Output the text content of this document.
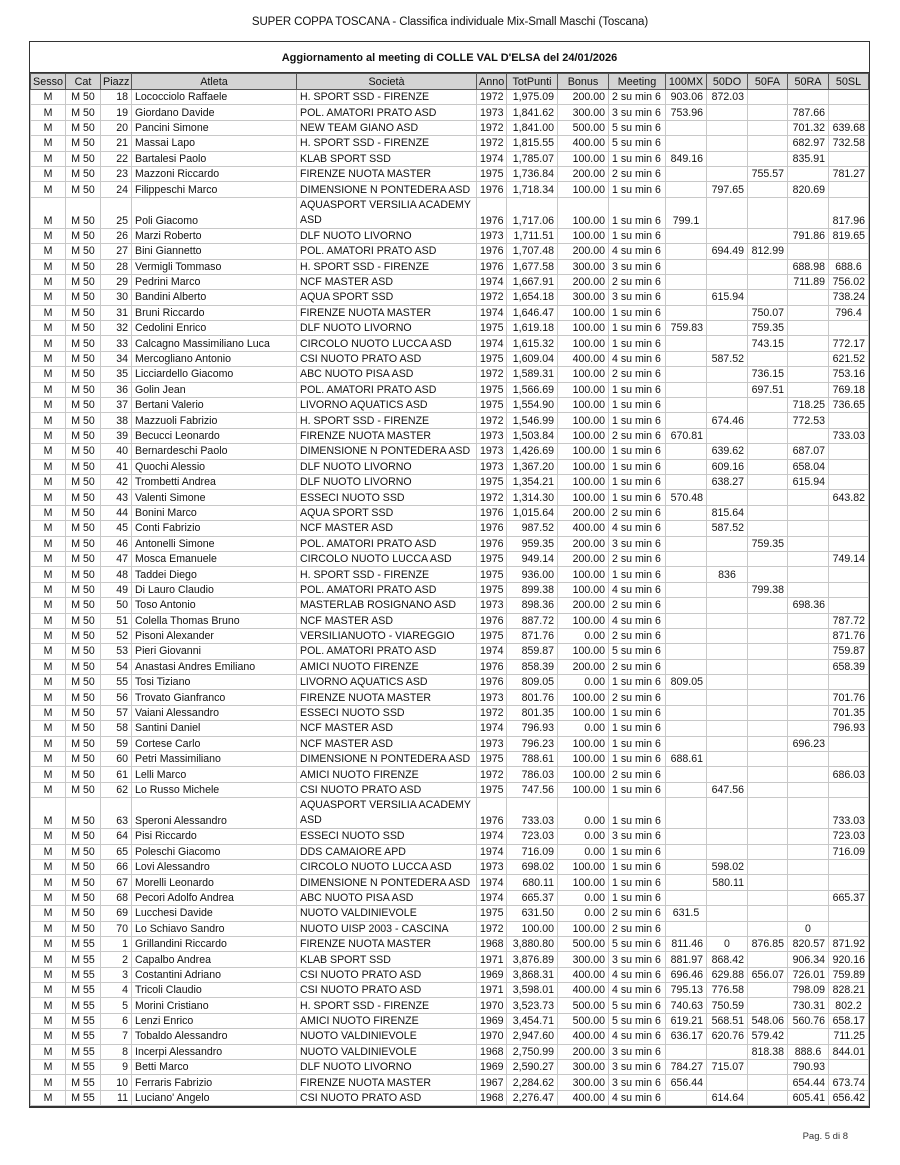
SUPER COPPA TOSCANA - Classifica individuale Mix-Small Maschi (Toscana)
Aggiornamento al meeting di COLLE VAL D'ELSA del 24/01/2026
Sesso	Cat	Piazz	Atleta	Società	Anno	TotPunti	Bonus	Meeting	100MX	50DO	50FA	50RA	50SL
M	M 50	18	Lococciolo Raffaele	H. SPORT SSD - FIRENZE	1972	1,975.09	200.00	2 su min 6	903.06	872.03			
M	M 50	19	Giordano Davide	POL. AMATORI PRATO ASD	1973	1,841.62	300.00	3 su min 6	753.96			787.66	
M	M 50	20	Pancini Simone	NEW TEAM GIANO ASD	1972	1,841.00	500.00	5 su min 6				701.32	639.68
M	M 50	21	Massai Lapo	H. SPORT SSD - FIRENZE	1972	1,815.55	400.00	5 su min 6				682.97	732.58
M	M 50	22	Bartalesi Paolo	KLAB SPORT SSD	1974	1,785.07	100.00	1 su min 6	849.16			835.91	
M	M 50	23	Mazzoni Riccardo	FIRENZE NUOTA MASTER	1975	1,736.84	200.00	2 su min 6			755.57		781.27
M	M 50	24	Filippeschi Marco	DIMENSIONE N PONTEDERA ASD	1976	1,718.34	100.00	1 su min 6		797.65		820.69	
M	M 50	25	Poli Giacomo	AQUASPORT VERSILIA ACADEMY ASD	1976	1,717.06	100.00	1 su min 6	799.1				817.96
M	M 50	26	Marzi Roberto	DLF NUOTO LIVORNO	1973	1,711.51	100.00	1 su min 6				791.86	819.65
M	M 50	27	Bini Giannetto	POL. AMATORI PRATO ASD	1976	1,707.48	200.00	4 su min 6		694.49	812.99		
M	M 50	28	Vermigli Tommaso	H. SPORT SSD - FIRENZE	1976	1,677.58	300.00	3 su min 6				688.98	688.6
M	M 50	29	Pedrini Marco	NCF MASTER ASD	1974	1,667.91	200.00	2 su min 6				711.89	756.02
M	M 50	30	Bandini Alberto	AQUA SPORT SSD	1972	1,654.18	300.00	3 su min 6		615.94			738.24
M	M 50	31	Bruni Riccardo	FIRENZE NUOTA MASTER	1974	1,646.47	100.00	1 su min 6			750.07		796.4
M	M 50	32	Cedolini Enrico	DLF NUOTO LIVORNO	1975	1,619.18	100.00	1 su min 6	759.83		759.35		
M	M 50	33	Calcagno Massimiliano Luca	CIRCOLO NUOTO LUCCA ASD	1974	1,615.32	100.00	1 su min 6			743.15		772.17
M	M 50	34	Mercogliano Antonio	CSI NUOTO PRATO ASD	1975	1,609.04	400.00	4 su min 6		587.52			621.52
M	M 50	35	Licciardello Giacomo	ABC NUOTO PISA ASD	1972	1,589.31	100.00	2 su min 6			736.15		753.16
M	M 50	36	Golin Jean	POL. AMATORI PRATO ASD	1975	1,566.69	100.00	1 su min 6			697.51		769.18
M	M 50	37	Bertani Valerio	LIVORNO AQUATICS ASD	1975	1,554.90	100.00	1 su min 6				718.25	736.65
M	M 50	38	Mazzuoli Fabrizio	H. SPORT SSD - FIRENZE	1972	1,546.99	100.00	1 su min 6		674.46		772.53	
M	M 50	39	Becucci Leonardo	FIRENZE NUOTA MASTER	1973	1,503.84	100.00	2 su min 6	670.81				733.03
M	M 50	40	Bernardeschi Paolo	DIMENSIONE N PONTEDERA ASD	1973	1,426.69	100.00	1 su min 6		639.62		687.07	
M	M 50	41	Quochi Alessio	DLF NUOTO LIVORNO	1973	1,367.20	100.00	1 su min 6		609.16		658.04	
M	M 50	42	Trombetti Andrea	DLF NUOTO LIVORNO	1975	1,354.21	100.00	1 su min 6		638.27		615.94	
M	M 50	43	Valenti Simone	ESSECI NUOTO SSD	1972	1,314.30	100.00	1 su min 6	570.48				643.82
M	M 50	44	Bonini Marco	AQUA SPORT SSD	1976	1,015.64	200.00	2 su min 6		815.64			
M	M 50	45	Conti Fabrizio	NCF MASTER ASD	1976	987.52	400.00	4 su min 6		587.52			
M	M 50	46	Antonelli Simone	POL. AMATORI PRATO ASD	1976	959.35	200.00	3 su min 6			759.35		
M	M 50	47	Mosca Emanuele	CIRCOLO NUOTO LUCCA ASD	1975	949.14	200.00	2 su min 6					749.14
M	M 50	48	Taddei Diego	H. SPORT SSD - FIRENZE	1975	936.00	100.00	1 su min 6		836			
M	M 50	49	Di Lauro Claudio	POL. AMATORI PRATO ASD	1975	899.38	100.00	4 su min 6			799.38		
M	M 50	50	Toso Antonio	MASTERLAB ROSIGNANO ASD	1973	898.36	200.00	2 su min 6				698.36	
M	M 50	51	Colella Thomas Bruno	NCF MASTER ASD	1976	887.72	100.00	4 su min 6					787.72
M	M 50	52	Pisoni Alexander	VERSILIANUOTO - VIAREGGIO	1975	871.76	0.00	2 su min 6					871.76
M	M 50	53	Pieri Giovanni	POL. AMATORI PRATO ASD	1974	859.87	100.00	5 su min 6					759.87
M	M 50	54	Anastasi Andres Emiliano	AMICI NUOTO FIRENZE	1976	858.39	200.00	2 su min 6					658.39
M	M 50	55	Tosi Tiziano	LIVORNO AQUATICS ASD	1976	809.05	0.00	1 su min 6	809.05				
M	M 50	56	Trovato Gianfranco	FIRENZE NUOTA MASTER	1973	801.76	100.00	2 su min 6					701.76
M	M 50	57	Vaiani Alessandro	ESSECI NUOTO SSD	1972	801.35	100.00	1 su min 6					701.35
M	M 50	58	Santini Daniel	NCF MASTER ASD	1974	796.93	0.00	1 su min 6					796.93
M	M 50	59	Cortese Carlo	NCF MASTER ASD	1973	796.23	100.00	1 su min 6				696.23	
M	M 50	60	Petri Massimiliano	DIMENSIONE N PONTEDERA ASD	1975	788.61	100.00	1 su min 6	688.61				
M	M 50	61	Lelli Marco	AMICI NUOTO FIRENZE	1972	786.03	100.00	2 su min 6					686.03
M	M 50	62	Lo Russo Michele	CSI NUOTO PRATO ASD	1975	747.56	100.00	1 su min 6		647.56			
M	M 50	63	Speroni Alessandro	AQUASPORT VERSILIA ACADEMY ASD	1976	733.03	0.00	1 su min 6					733.03
M	M 50	64	Pisi Riccardo	ESSECI NUOTO SSD	1974	723.03	0.00	3 su min 6					723.03
M	M 50	65	Poleschi Giacomo	DDS CAMAIORE APD	1974	716.09	0.00	1 su min 6					716.09
M	M 50	66	Lovi Alessandro	CIRCOLO NUOTO LUCCA ASD	1973	698.02	100.00	1 su min 6		598.02			
M	M 50	67	Morelli Leonardo	DIMENSIONE N PONTEDERA ASD	1974	680.11	100.00	1 su min 6		580.11			
M	M 50	68	Pecori Adolfo Andrea	ABC NUOTO PISA ASD	1974	665.37	0.00	1 su min 6					665.37
M	M 50	69	Lucchesi Davide	NUOTO VALDINIEVOLE	1975	631.50	0.00	2 su min 6	631.5				
M	M 50	70	Lo Schiavo Sandro	NUOTO UISP 2003 - CASCINA	1972	100.00	100.00	2 su min 6				0	
M	M 55	1	Grillandini Riccardo	FIRENZE NUOTA MASTER	1968	3,880.80	500.00	5 su min 6	811.46	0	876.85	820.57	871.92
M	M 55	2	Capalbo Andrea	KLAB SPORT SSD	1971	3,876.89	300.00	3 su min 6	881.97	868.42		906.34	920.16
M	M 55	3	Costantini Adriano	CSI NUOTO PRATO ASD	1969	3,868.31	400.00	4 su min 6	696.46	629.88	656.07	726.01	759.89
M	M 55	4	Tricoli Claudio	CSI NUOTO PRATO ASD	1971	3,598.01	400.00	4 su min 6	795.13	776.58		798.09	828.21
M	M 55	5	Morini Cristiano	H. SPORT SSD - FIRENZE	1970	3,523.73	500.00	5 su min 6	740.63	750.59		730.31	802.2
M	M 55	6	Lenzi Enrico	AMICI NUOTO FIRENZE	1969	3,454.71	500.00	5 su min 6	619.21	568.51	548.06	560.76	658.17
M	M 55	7	Tobaldo Alessandro	NUOTO VALDINIEVOLE	1970	2,947.60	400.00	4 su min 6	636.17	620.76	579.42		711.25
M	M 55	8	Incerpi Alessandro	NUOTO VALDINIEVOLE	1968	2,750.99	200.00	3 su min 6			818.38	888.6	844.01
M	M 55	9	Betti Marco	DLF NUOTO LIVORNO	1969	2,590.27	300.00	3 su min 6	784.27	715.07		790.93	
M	M 55	10	Ferraris Fabrizio	FIRENZE NUOTA MASTER	1967	2,284.62	300.00	3 su min 6	656.44			654.44	673.74
M	M 55	11	Luciano' Angelo	CSI NUOTO PRATO ASD	1968	2,276.47	400.00	4 su min 6		614.64		605.41	656.42
Pag. 5 di 8
